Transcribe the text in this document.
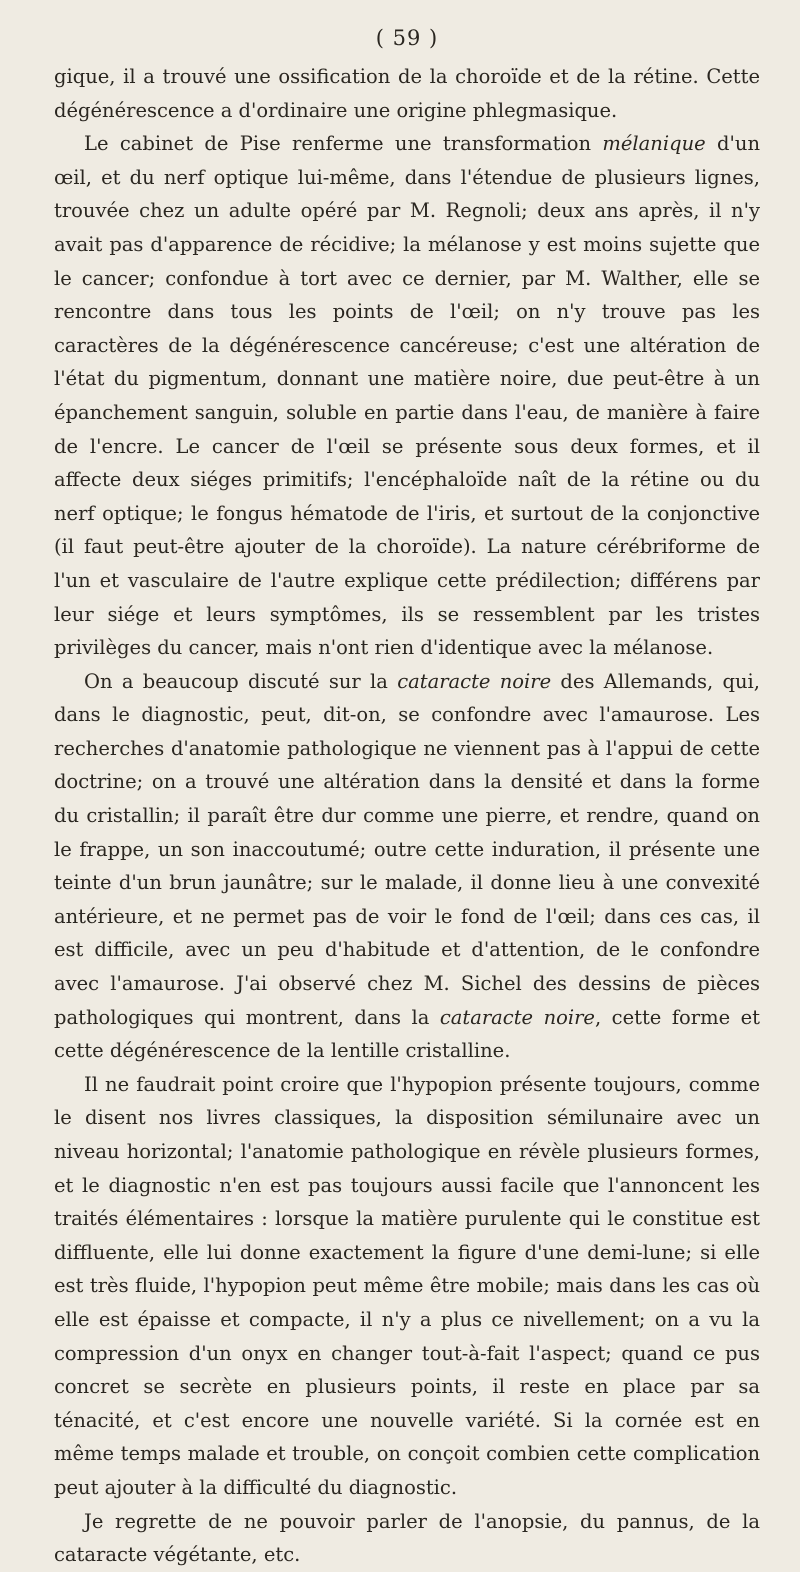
( 59 )

gique, il a trouvé une ossification de la choroïde et de la rétine. Cette dégénérescence a d'ordinaire une origine phlegmasique.

Le cabinet de Pise renferme une transformation mélanique d'un œil, et du nerf optique lui-même, dans l'étendue de plusieurs lignes, trouvée chez un adulte opéré par M. Regnoli; deux ans après, il n'y avait pas d'apparence de récidive; la mélanose y est moins sujette que le cancer; confondue à tort avec ce dernier, par M. Walther, elle se rencontre dans tous les points de l'œil; on n'y trouve pas les caractères de la dégénérescence cancéreuse; c'est une altération de l'état du pigmentum, donnant une matière noire, due peut-être à un épanchement sanguin, soluble en partie dans l'eau, de manière à faire de l'encre. Le cancer de l'œil se présente sous deux formes, et il affecte deux siéges primitifs; l'encéphaloïde naît de la rétine ou du nerf optique; le fongus hématode de l'iris, et surtout de la conjonctive (il faut peut-être ajouter de la choroïde). La nature cérébriforme de l'un et vasculaire de l'autre explique cette prédilection; différens par leur siége et leurs symptômes, ils se ressemblent par les tristes privilèges du cancer, mais n'ont rien d'identique avec la mélanose.

On a beaucoup discuté sur la cataracte noire des Allemands, qui, dans le diagnostic, peut, dit-on, se confondre avec l'amaurose. Les recherches d'anatomie pathologique ne viennent pas à l'appui de cette doctrine; on a trouvé une altération dans la densité et dans la forme du cristallin; il paraît être dur comme une pierre, et rendre, quand on le frappe, un son inaccoutumé; outre cette induration, il présente une teinte d'un brun jaunâtre; sur le malade, il donne lieu à une convexité antérieure, et ne permet pas de voir le fond de l'œil; dans ces cas, il est difficile, avec un peu d'habitude et d'attention, de le confondre avec l'amaurose. J'ai observé chez M. Sichel des dessins de pièces pathologiques qui montrent, dans la cataracte noire, cette forme et cette dégénérescence de la lentille cristalline.

Il ne faudrait point croire que l'hypopion présente toujours, comme le disent nos livres classiques, la disposition sémilunaire avec un niveau horizontal; l'anatomie pathologique en révèle plusieurs formes, et le diagnostic n'en est pas toujours aussi facile que l'annoncent les traités élémentaires : lorsque la matière purulente qui le constitue est diffluente, elle lui donne exactement la figure d'une demi-lune; si elle est très fluide, l'hypopion peut même être mobile; mais dans les cas où elle est épaisse et compacte, il n'y a plus ce nivellement; on a vu la compression d'un onyx en changer tout-à-fait l'aspect; quand ce pus concret se secrète en plusieurs points, il reste en place par sa ténacité, et c'est encore une nouvelle variété. Si la cornée est en même temps malade et trouble, on conçoit combien cette complication peut ajouter à la difficulté du diagnostic.

Je regrette de ne pouvoir parler de l'anopsie, du pannus, de la cataracte végétante, etc.
